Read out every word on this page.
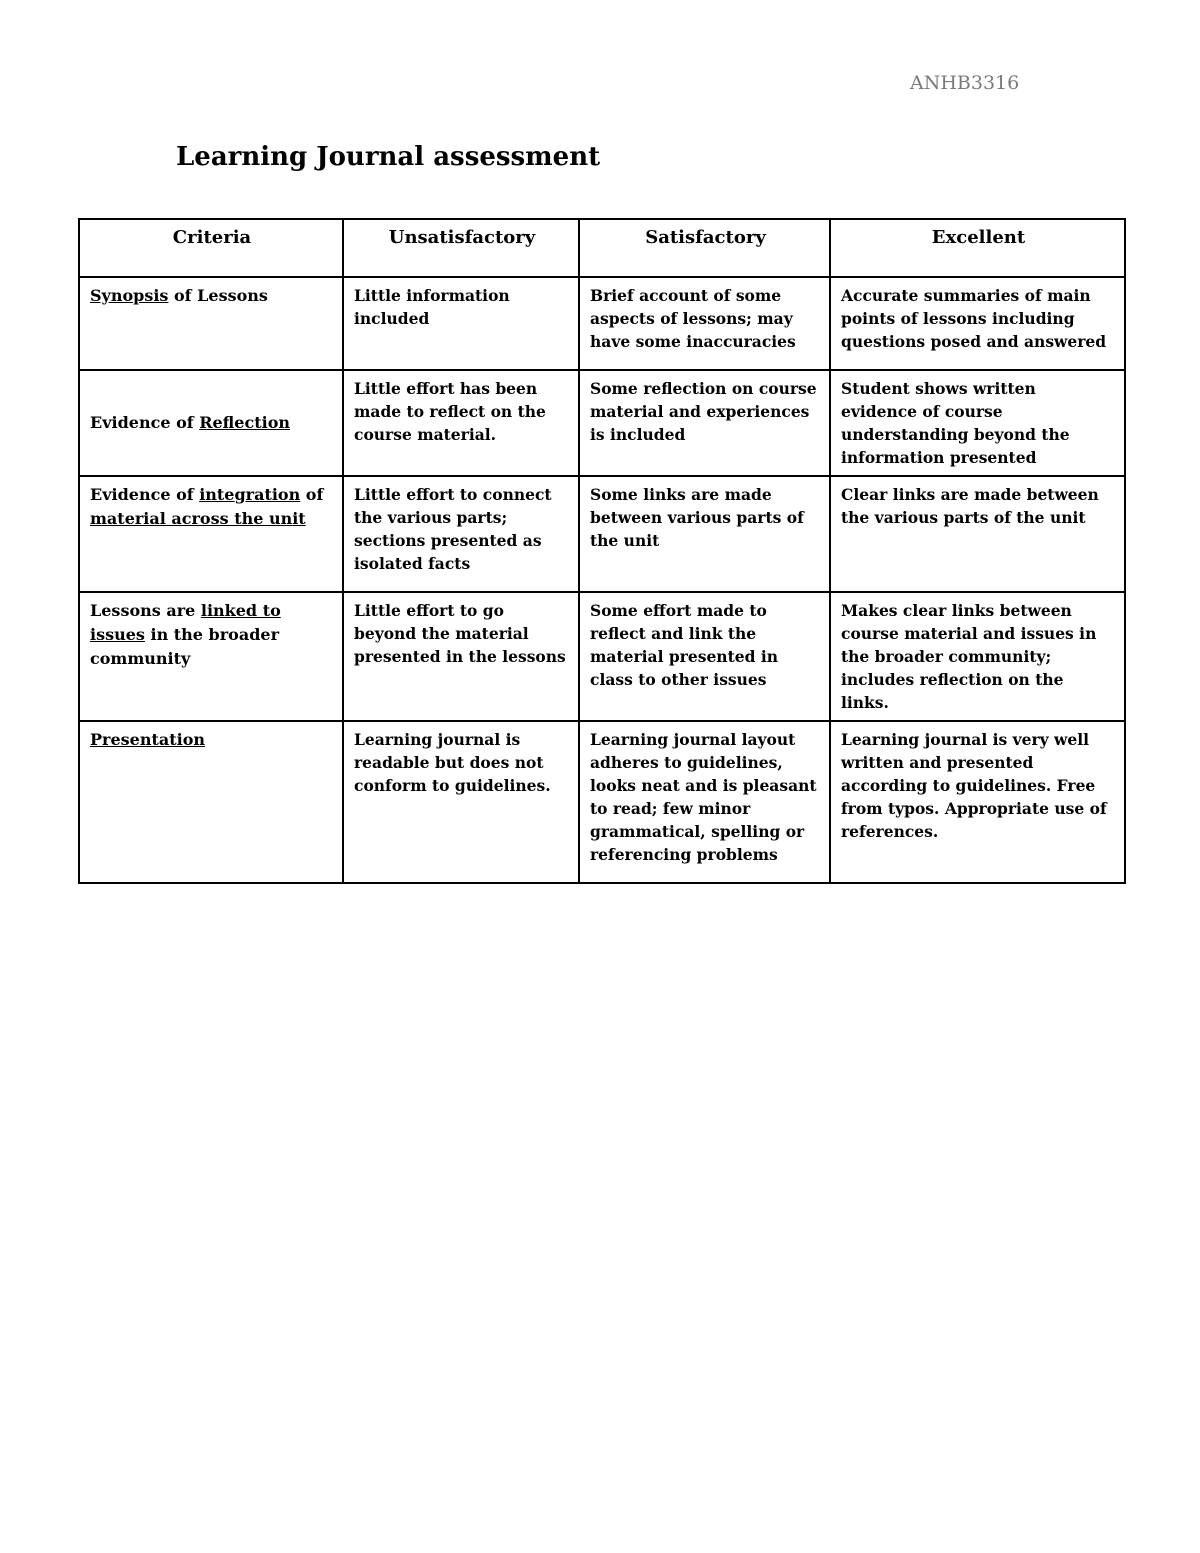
ANHB3316
Learning Journal assessment
Criteria	Unsatisfactory	Satisfactory	Excellent
Synopsis of Lessons	Little information included	Brief account of some aspects of lessons; may have some inaccuracies	Accurate summaries of main points of lessons including questions posed and answered
Evidence of Reflection	Little effort has been made to reflect on the course material.	Some reflection on course material and experiences is included	Student shows written evidence of course understanding beyond the information presented
Evidence of integration of material across the unit	Little effort to connect the various parts; sections presented as isolated facts	Some links are made between various parts of the unit	Clear links are made between the various parts of the unit
Lessons are linked to issues in the broader community	Little effort to go beyond the material presented in the lessons	Some effort made to reflect and link the material presented in class to other issues	Makes clear links between course material and issues in the broader community; includes reflection on the links.
Presentation	Learning journal is readable but does not conform to guidelines.	Learning journal layout adheres to guidelines, looks neat and is pleasant to read; few minor grammatical, spelling or referencing problems	Learning journal is very well written and presented according to guidelines. Free from typos. Appropriate use of references.
